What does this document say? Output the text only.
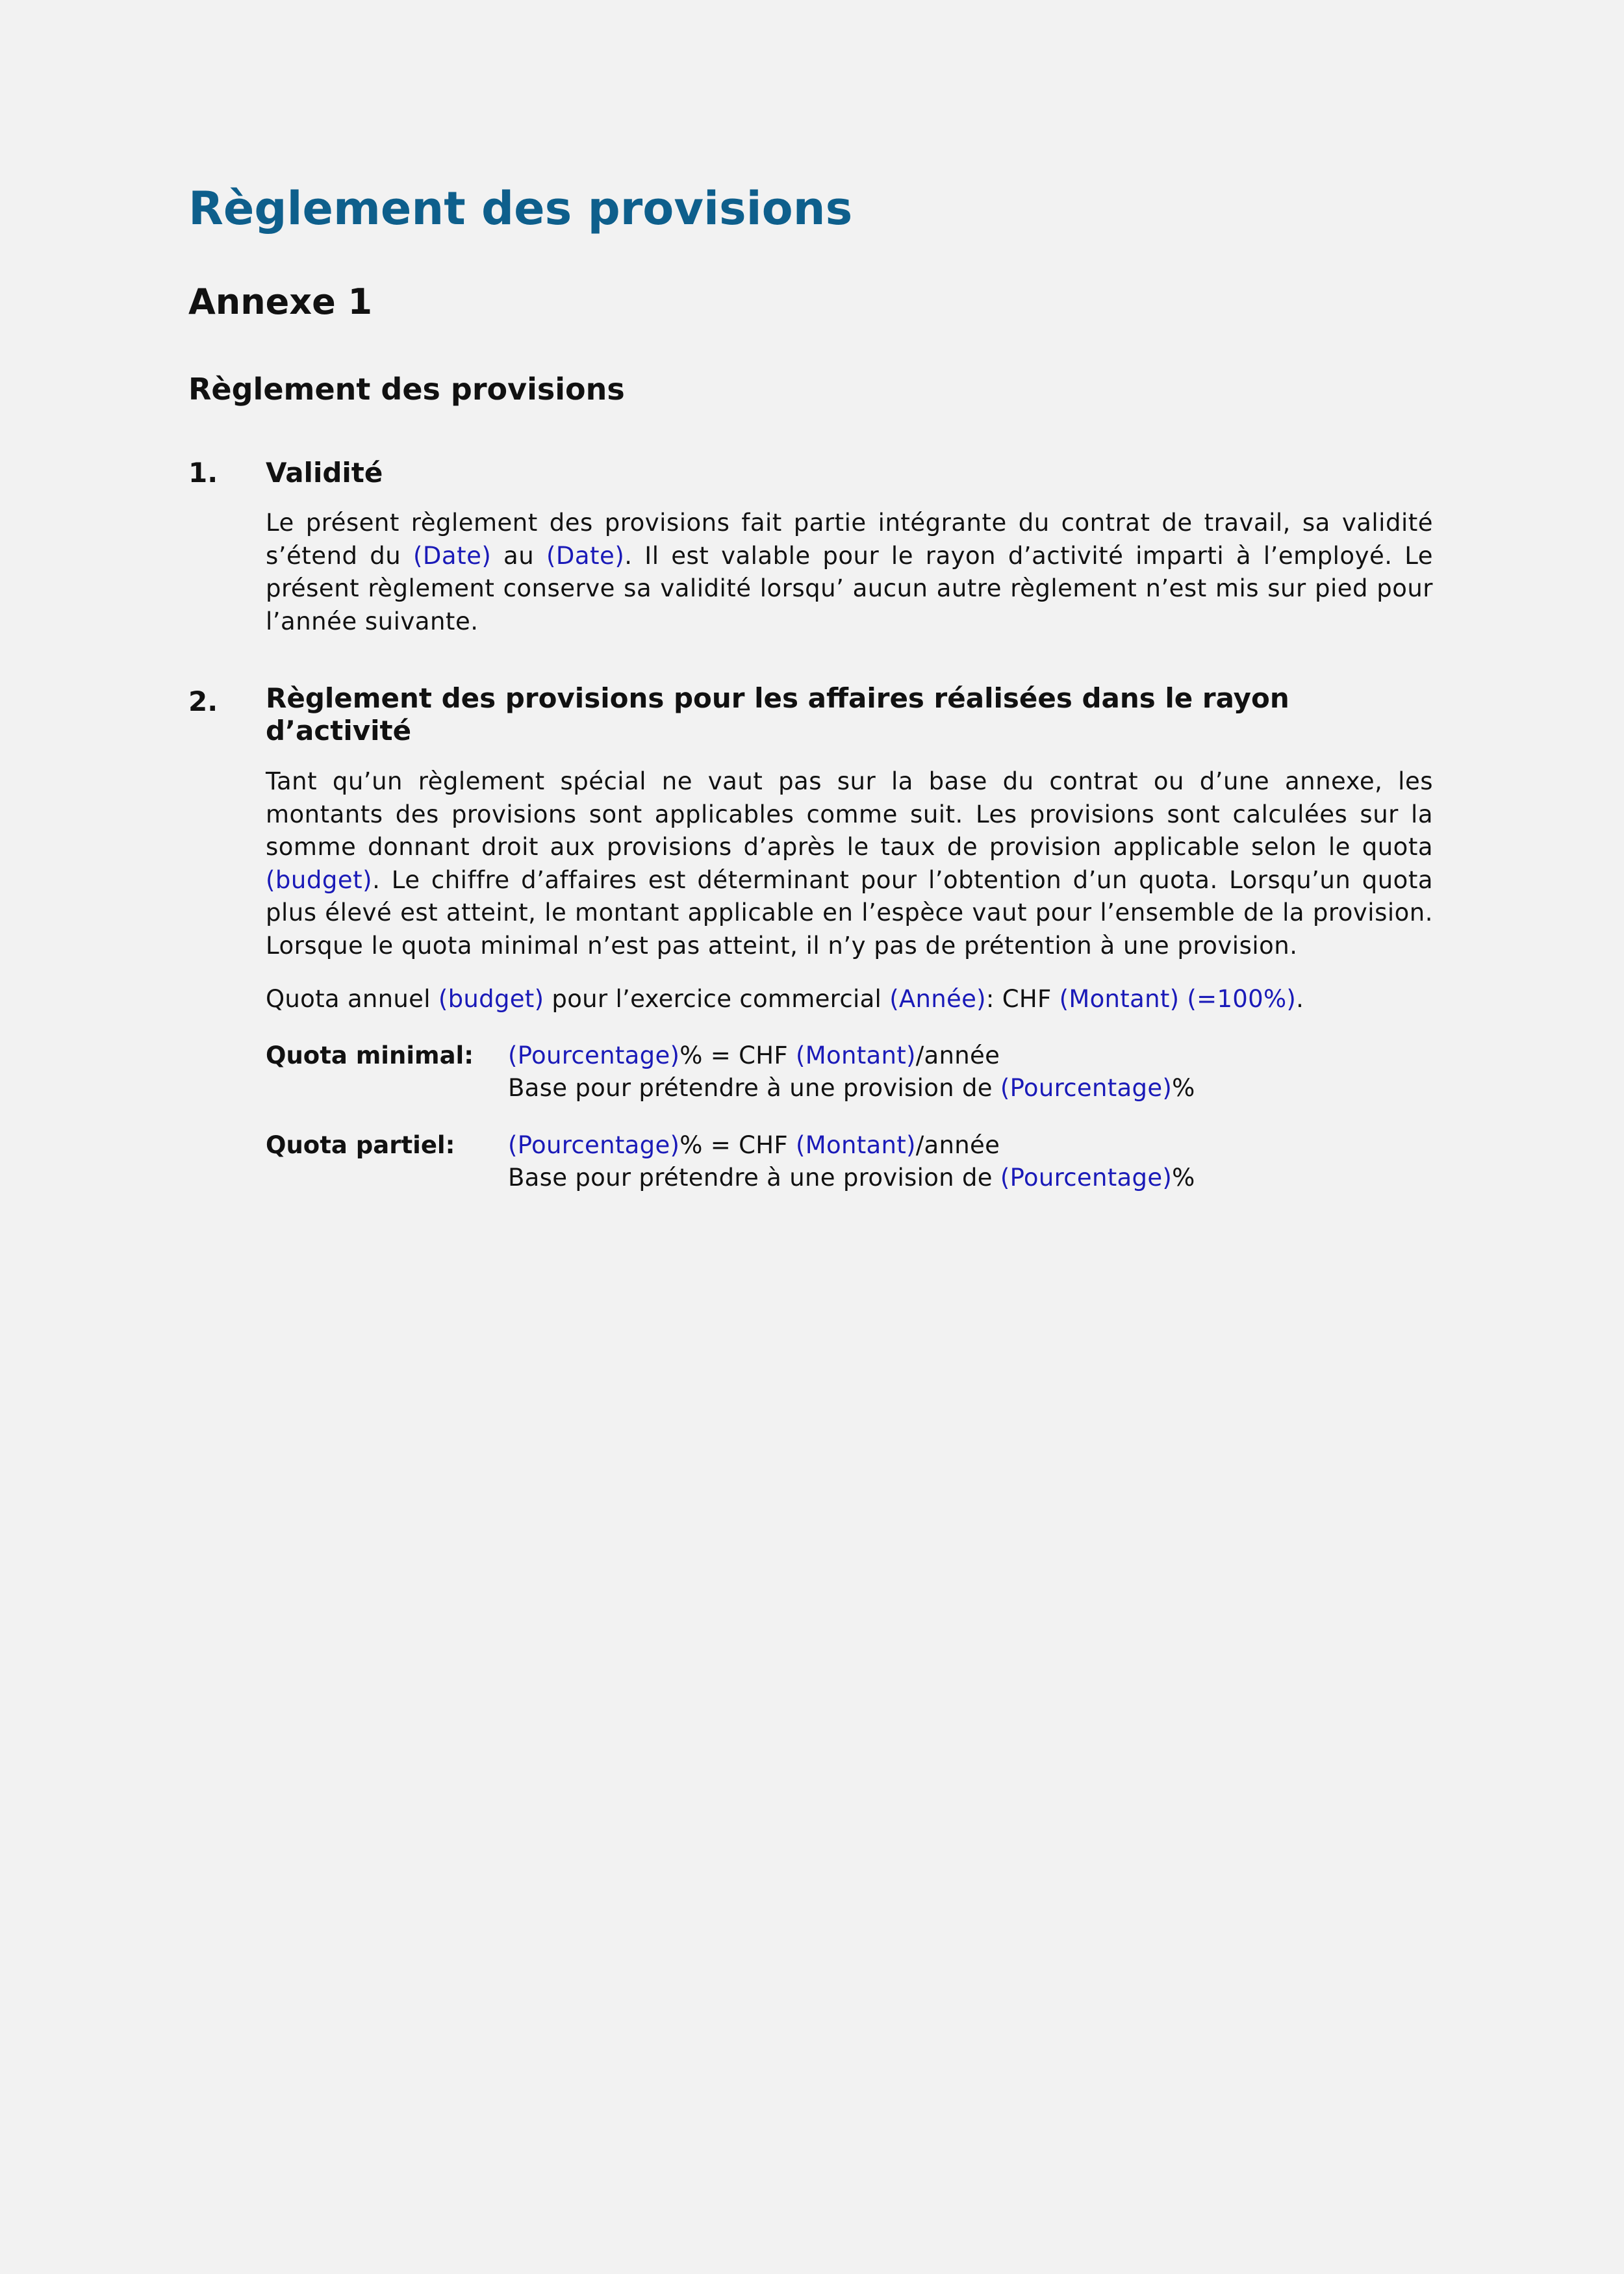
Règlement des provisions
Annexe 1
Règlement des provisions
1. Validité

Le présent règlement des provisions fait partie intégrante du contrat de travail, sa validité s’étend du (Date) au (Date). Il est valable pour le rayon d’activité imparti à l’employé. Le présent règlement conserve sa validité lorsqu’ aucun autre règlement n’est mis sur pied pour l’année suivante.

2. Règlement des provisions pour les affaires réalisées dans le rayon d’activité

Tant qu’un règlement spécial ne vaut pas sur la base du contrat ou d’une annexe, les montants des provisions sont applicables comme suit. Les provisions sont calculées sur la somme donnant droit aux provisions d’après le taux de provision applicable selon le quota (budget). Le chiffre d’affaires est déterminant pour l’obtention d’un quota. Lorsqu’un quota plus élevé est atteint, le montant applicable en l’espèce vaut pour l’ensemble de la provision. Lorsque le quota minimal n’est pas atteint, il n’y pas de prétention à une provision.

Quota annuel (budget) pour l’exercice commercial (Année): CHF (Montant) (=100%).
Quota minimal: (Pourcentage)% = CHF (Montant)/année
Base pour prétendre à une provision de (Pourcentage)%
Quota partiel: (Pourcentage)% = CHF (Montant)/année
Base pour prétendre à une provision de (Pourcentage)%
